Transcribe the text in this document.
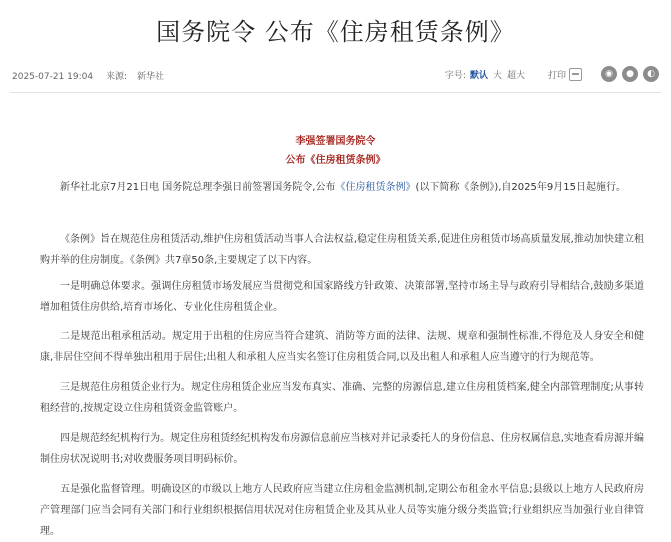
国务院令 公布《住房租赁条例》
2025-07-21 19:04 来源: 新华社	字号: 默认 大 超大	打印	◉	●	◐
李强签署国务院令
公布《住房租赁条例》

新华社北京7月21日电 国务院总理李强日前签署国务院令,公布《住房租赁条例》(以下简称《条例》),自2025年9月15日起施行。

《条例》旨在规范住房租赁活动,维护住房租赁活动当事人合法权益,稳定住房租赁关系,促进住房租赁市场高质量发展,推动加快建立租购并举的住房制度。《条例》共7章50条,主要规定了以下内容。

一是明确总体要求。强调住房租赁市场发展应当贯彻党和国家路线方针政策、决策部署,坚持市场主导与政府引导相结合,鼓励多渠道增加租赁住房供给,培育市场化、专业化住房租赁企业。

二是规范出租承租活动。规定用于出租的住房应当符合建筑、消防等方面的法律、法规、规章和强制性标准,不得危及人身安全和健康,非居住空间不得单独出租用于居住;出租人和承租人应当实名签订住房租赁合同,以及出租人和承租人应当遵守的行为规范等。

三是规范住房租赁企业行为。规定住房租赁企业应当发布真实、准确、完整的房源信息,建立住房租赁档案,健全内部管理制度;从事转租经营的,按规定设立住房租赁资金监管账户。

四是规范经纪机构行为。规定住房租赁经纪机构发布房源信息前应当核对并记录委托人的身份信息、住房权属信息,实地查看房源并编制住房状况说明书;对收费服务项目明码标价。

五是强化监督管理。明确设区的市级以上地方人民政府应当建立住房租金监测机制,定期公布租金水平信息;县级以上地方人民政府房产管理部门应当会同有关部门和行业组织根据信用状况对住房租赁企业及其从业人员等实施分级分类监管;行业组织应当加强行业自律管理。
